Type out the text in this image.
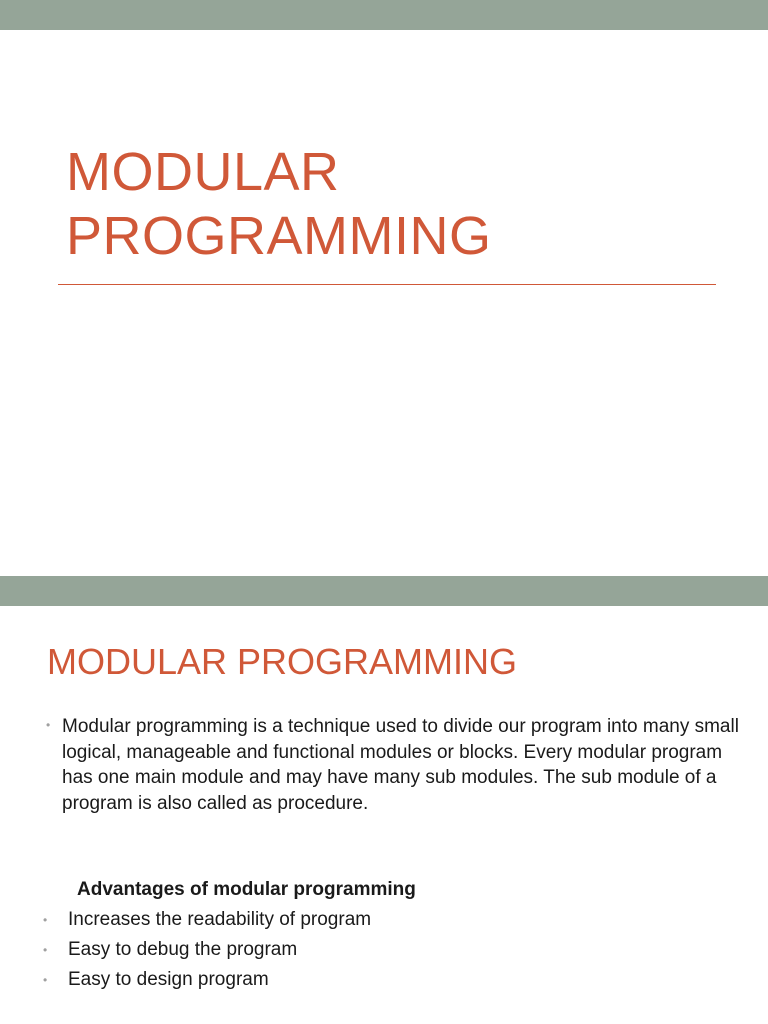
MODULAR
PROGRAMMING
MODULAR PROGRAMMING
• Modular programming is a technique used to divide our program into many small logical, manageable and functional modules or blocks. Every modular program has one main module and may have many sub modules. The sub module of a program is also called as procedure.

Advantages of modular programming

• Increases the readability of program
• Easy to debug the program
• Easy to design program
